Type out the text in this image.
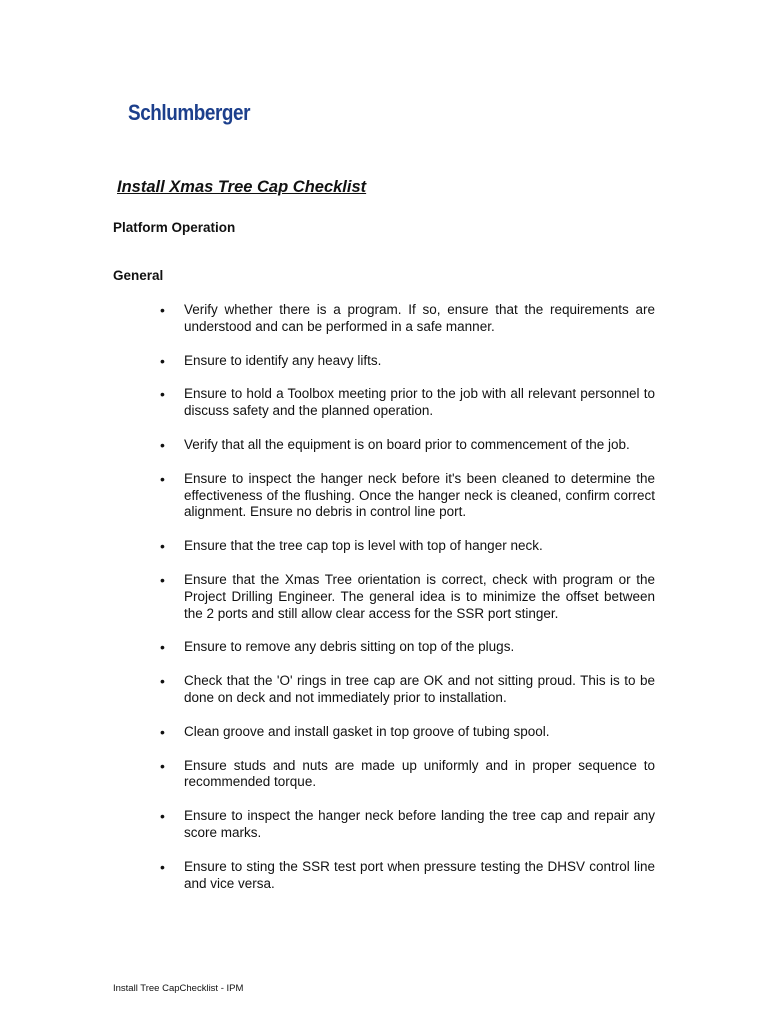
Schlumberger
Install Xmas Tree Cap Checklist
Platform Operation
General
• Verify whether there is a program. If so, ensure that the requirements are understood and can be performed in a safe manner.
• Ensure to identify any heavy lifts.
• Ensure to hold a Toolbox meeting prior to the job with all relevant personnel to discuss safety and the planned operation.
• Verify that all the equipment is on board prior to commencement of the job.
• Ensure to inspect the hanger neck before it's been cleaned to determine the effectiveness of the flushing. Once the hanger neck is cleaned, confirm correct alignment. Ensure no debris in control line port.
• Ensure that the tree cap top is level with top of hanger neck.
• Ensure that the Xmas Tree orientation is correct, check with program or the Project Drilling Engineer. The general idea is to minimize the offset between the 2 ports and still allow clear access for the SSR port stinger.
• Ensure to remove any debris sitting on top of the plugs.
• Check that the 'O' rings in tree cap are OK and not sitting proud. This is to be done on deck and not immediately prior to installation.
• Clean groove and install gasket in top groove of tubing spool.
• Ensure studs and nuts are made up uniformly and in proper sequence to recommended torque.
• Ensure to inspect the hanger neck before landing the tree cap and repair any score marks.
• Ensure to sting the SSR test port when pressure testing the DHSV control line and vice versa.
Install Tree CapChecklist - IPM
